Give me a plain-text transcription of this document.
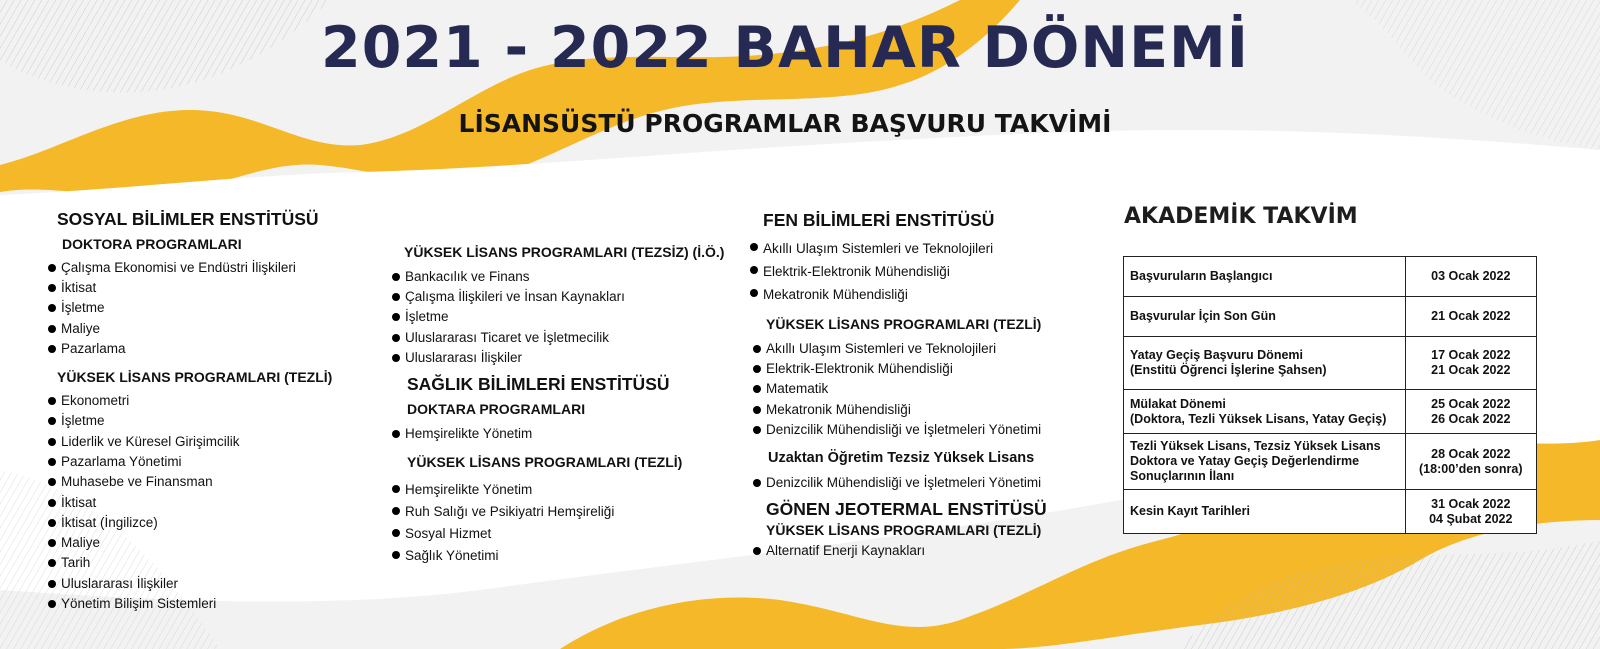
2021 - 2022 BAHAR DÖNEMİ
LİSANSÜSTÜ PROGRAMLAR BAŞVURU TAKVİMİ
SOSYAL BİLİMLER ENSTİTÜSÜ
DOKTORA PROGRAMLARI
Çalışma Ekonomisi ve Endüstri İlişkileri
İktisat
İşletme
Maliye
Pazarlama
YÜKSEK LİSANS PROGRAMLARI (TEZLİ)
Ekonometri
İşletme
Liderlik ve Küresel Girişimcilik
Pazarlama Yönetimi
Muhasebe ve Finansman
İktisat
İktisat (İngilizce)
Maliye
Tarih
Uluslararası İlişkiler
Yönetim Bilişim Sistemleri
YÜKSEK LİSANS PROGRAMLARI (TEZSİZ) (İ.Ö.)
Bankacılık ve Finans
Çalışma İlişkileri ve İnsan Kaynakları
İşletme
Uluslararası Ticaret ve İşletmecilik
Uluslararası İlişkiler
SAĞLIK BİLİMLERİ ENSTİTÜSÜ
DOKTARA PROGRAMLARI
Hemşirelikte Yönetim
YÜKSEK LİSANS PROGRAMLARI (TEZLİ)
Hemşirelikte Yönetim
Ruh Salığı ve Psikiyatri Hemşireliği
Sosyal Hizmet
Sağlık Yönetimi
FEN BİLİMLERİ ENSTİTÜSÜ
Akıllı Ulaşım Sistemleri ve Teknolojileri
Elektrik-Elektronik Mühendisliği
Mekatronik Mühendisliği
YÜKSEK LİSANS PROGRAMLARI (TEZLİ)
Akıllı Ulaşım Sistemleri ve Teknolojileri
Elektrik-Elektronik Mühendisliği
Matematik
Mekatronik Mühendisliği
Denizcilik Mühendisliği ve İşletmeleri Yönetimi
Uzaktan Öğretim Tezsiz Yüksek Lisans
Denizcilik Mühendisliği ve İşletmeleri Yönetimi
GÖNEN JEOTERMAL ENSTİTÜSÜ
YÜKSEK LİSANS PROGRAMLARI (TEZLİ)
Alternatif Enerji Kaynakları
AKADEMİK TAKVİM
Başvuruların Başlangıcı	03 Ocak 2022
Başvurular İçin Son Gün	21 Ocak 2022
Yatay Geçiş Başvuru Dönemi
(Enstitü Öğrenci İşlerine Şahsen)	17 Ocak 2022
21 Ocak 2022
Mülakat Dönemi
(Doktora, Tezli Yüksek Lisans, Yatay Geçiş)	25 Ocak 2022
26 Ocak 2022
Tezli Yüksek Lisans, Tezsiz Yüksek Lisans
Doktora ve Yatay Geçiş Değerlendirme
Sonuçlarının İlanı	28 Ocak 2022
(18:00’den sonra)
Kesin Kayıt Tarihleri	31 Ocak 2022
04 Şubat 2022
